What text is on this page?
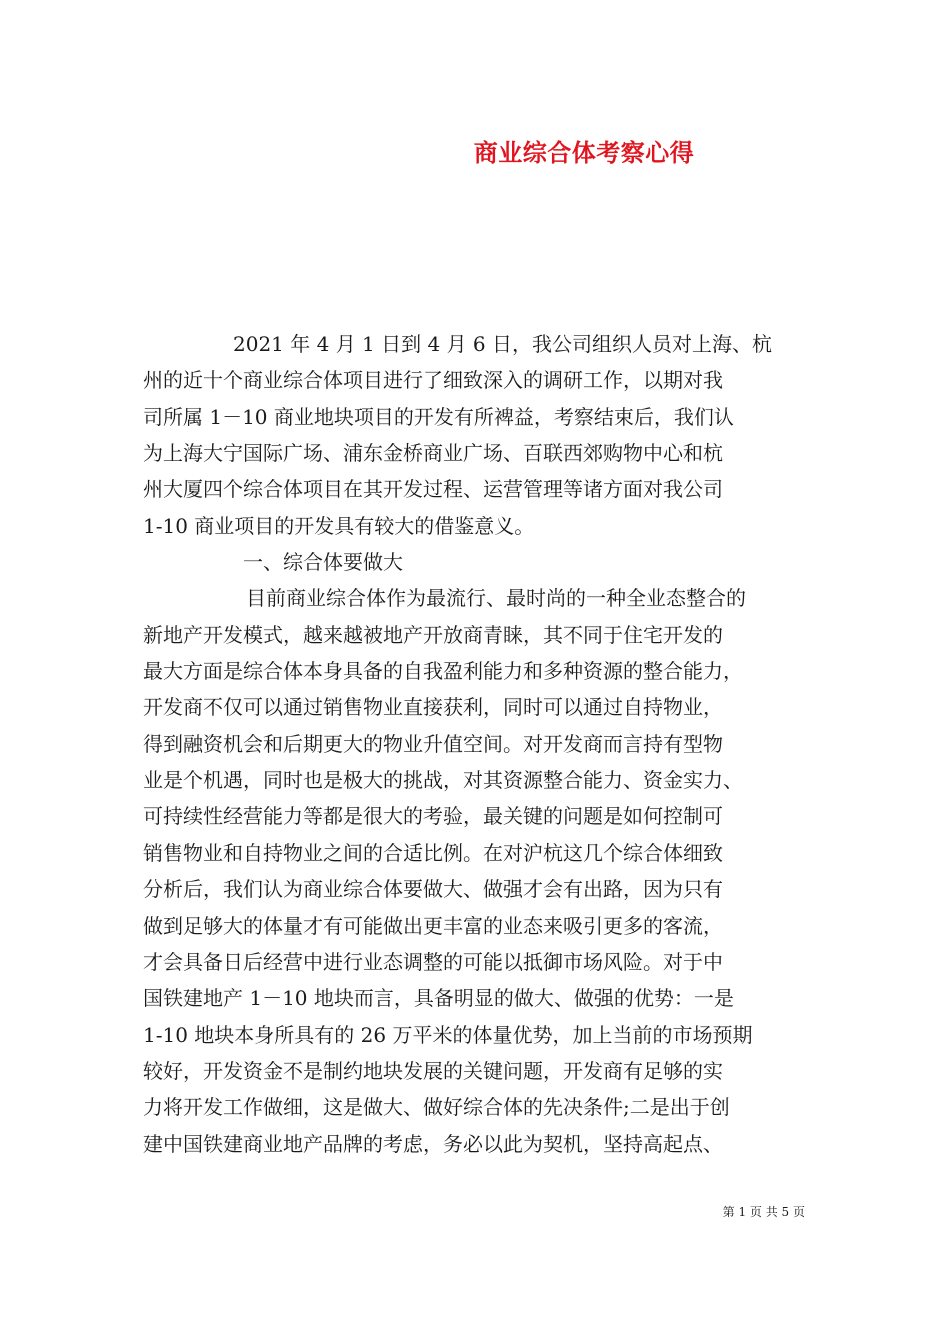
商业综合体考察心得
2021 年 4 月 1 日到 4 月 6 日，我公司组织人员对上海、杭
州的近十个商业综合体项目进行了细致深入的调研工作，以期对我
司所属 1－10 商业地块项目的开发有所裨益，考察结束后，我们认
为上海大宁国际广场、浦东金桥商业广场、百联西郊购物中心和杭
州大厦四个综合体项目在其开发过程、运营管理等诸方面对我公司
1-10 商业项目的开发具有较大的借鉴意义。
一、综合体要做大
目前商业综合体作为最流行、最时尚的一种全业态整合的
新地产开发模式，越来越被地产开放商青睐，其不同于住宅开发的
最大方面是综合体本身具备的自我盈利能力和多种资源的整合能力，
开发商不仅可以通过销售物业直接获利，同时可以通过自持物业，
得到融资机会和后期更大的物业升值空间。对开发商而言持有型物
业是个机遇，同时也是极大的挑战，对其资源整合能力、资金实力、
可持续性经营能力等都是很大的考验，最关键的问题是如何控制可
销售物业和自持物业之间的合适比例。在对沪杭这几个综合体细致
分析后，我们认为商业综合体要做大、做强才会有出路，因为只有
做到足够大的体量才有可能做出更丰富的业态来吸引更多的客流，
才会具备日后经营中进行业态调整的可能以抵御市场风险。对于中
国铁建地产 1－10 地块而言，具备明显的做大、做强的优势：一是
1-10 地块本身所具有的 26 万平米的体量优势，加上当前的市场预期
较好，开发资金不是制约地块发展的关键问题，开发商有足够的实
力将开发工作做细，这是做大、做好综合体的先决条件;二是出于创
建中国铁建商业地产品牌的考虑，务必以此为契机，坚持高起点、
第 1 页 共 5 页
